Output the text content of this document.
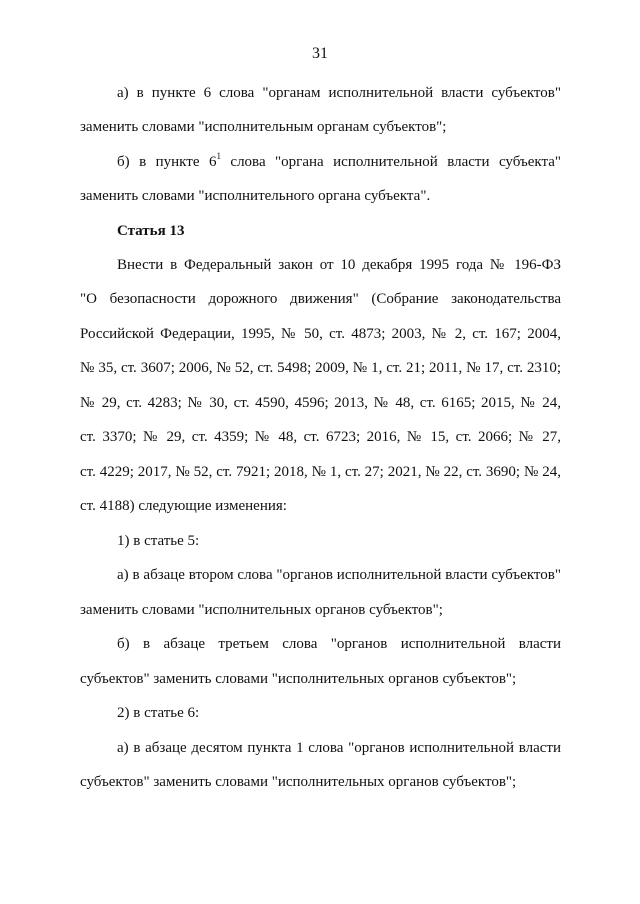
31
а) в пункте 6 слова "органам исполнительной власти субъектов"
заменить словами "исполнительным органам субъектов";
б) в пункте $6^1$ слова "органа исполнительной власти субъекта"
заменить словами "исполнительного органа субъекта".
Статья 13
Внести в Федеральный закон от 10 декабря 1995 года № 196-ФЗ
"О безопасности дорожного движения" (Собрание законодательства
Российской Федерации, 1995, № 50, ст. 4873; 2003, № 2, ст. 167; 2004,
№ 35, ст. 3607; 2006, № 52, ст. 5498; 2009, № 1, ст. 21; 2011, № 17, ст. 2310;
№ 29, ст. 4283; № 30, ст. 4590, 4596; 2013, № 48, ст. 6165; 2015, № 24,
ст. 3370; № 29, ст. 4359; № 48, ст. 6723; 2016, № 15, ст. 2066; № 27,
ст. 4229; 2017, № 52, ст. 7921; 2018, № 1, ст. 27; 2021, № 22, ст. 3690; № 24,
ст. 4188) следующие изменения:
1) в статье 5:
а) в абзаце втором слова "органов исполнительной власти субъектов"
заменить словами "исполнительных органов субъектов";
б) в абзаце третьем слова "органов исполнительной власти
субъектов" заменить словами "исполнительных органов субъектов";
2) в статье 6:
а) в абзаце десятом пункта 1 слова "органов исполнительной власти
субъектов" заменить словами "исполнительных органов субъектов";
